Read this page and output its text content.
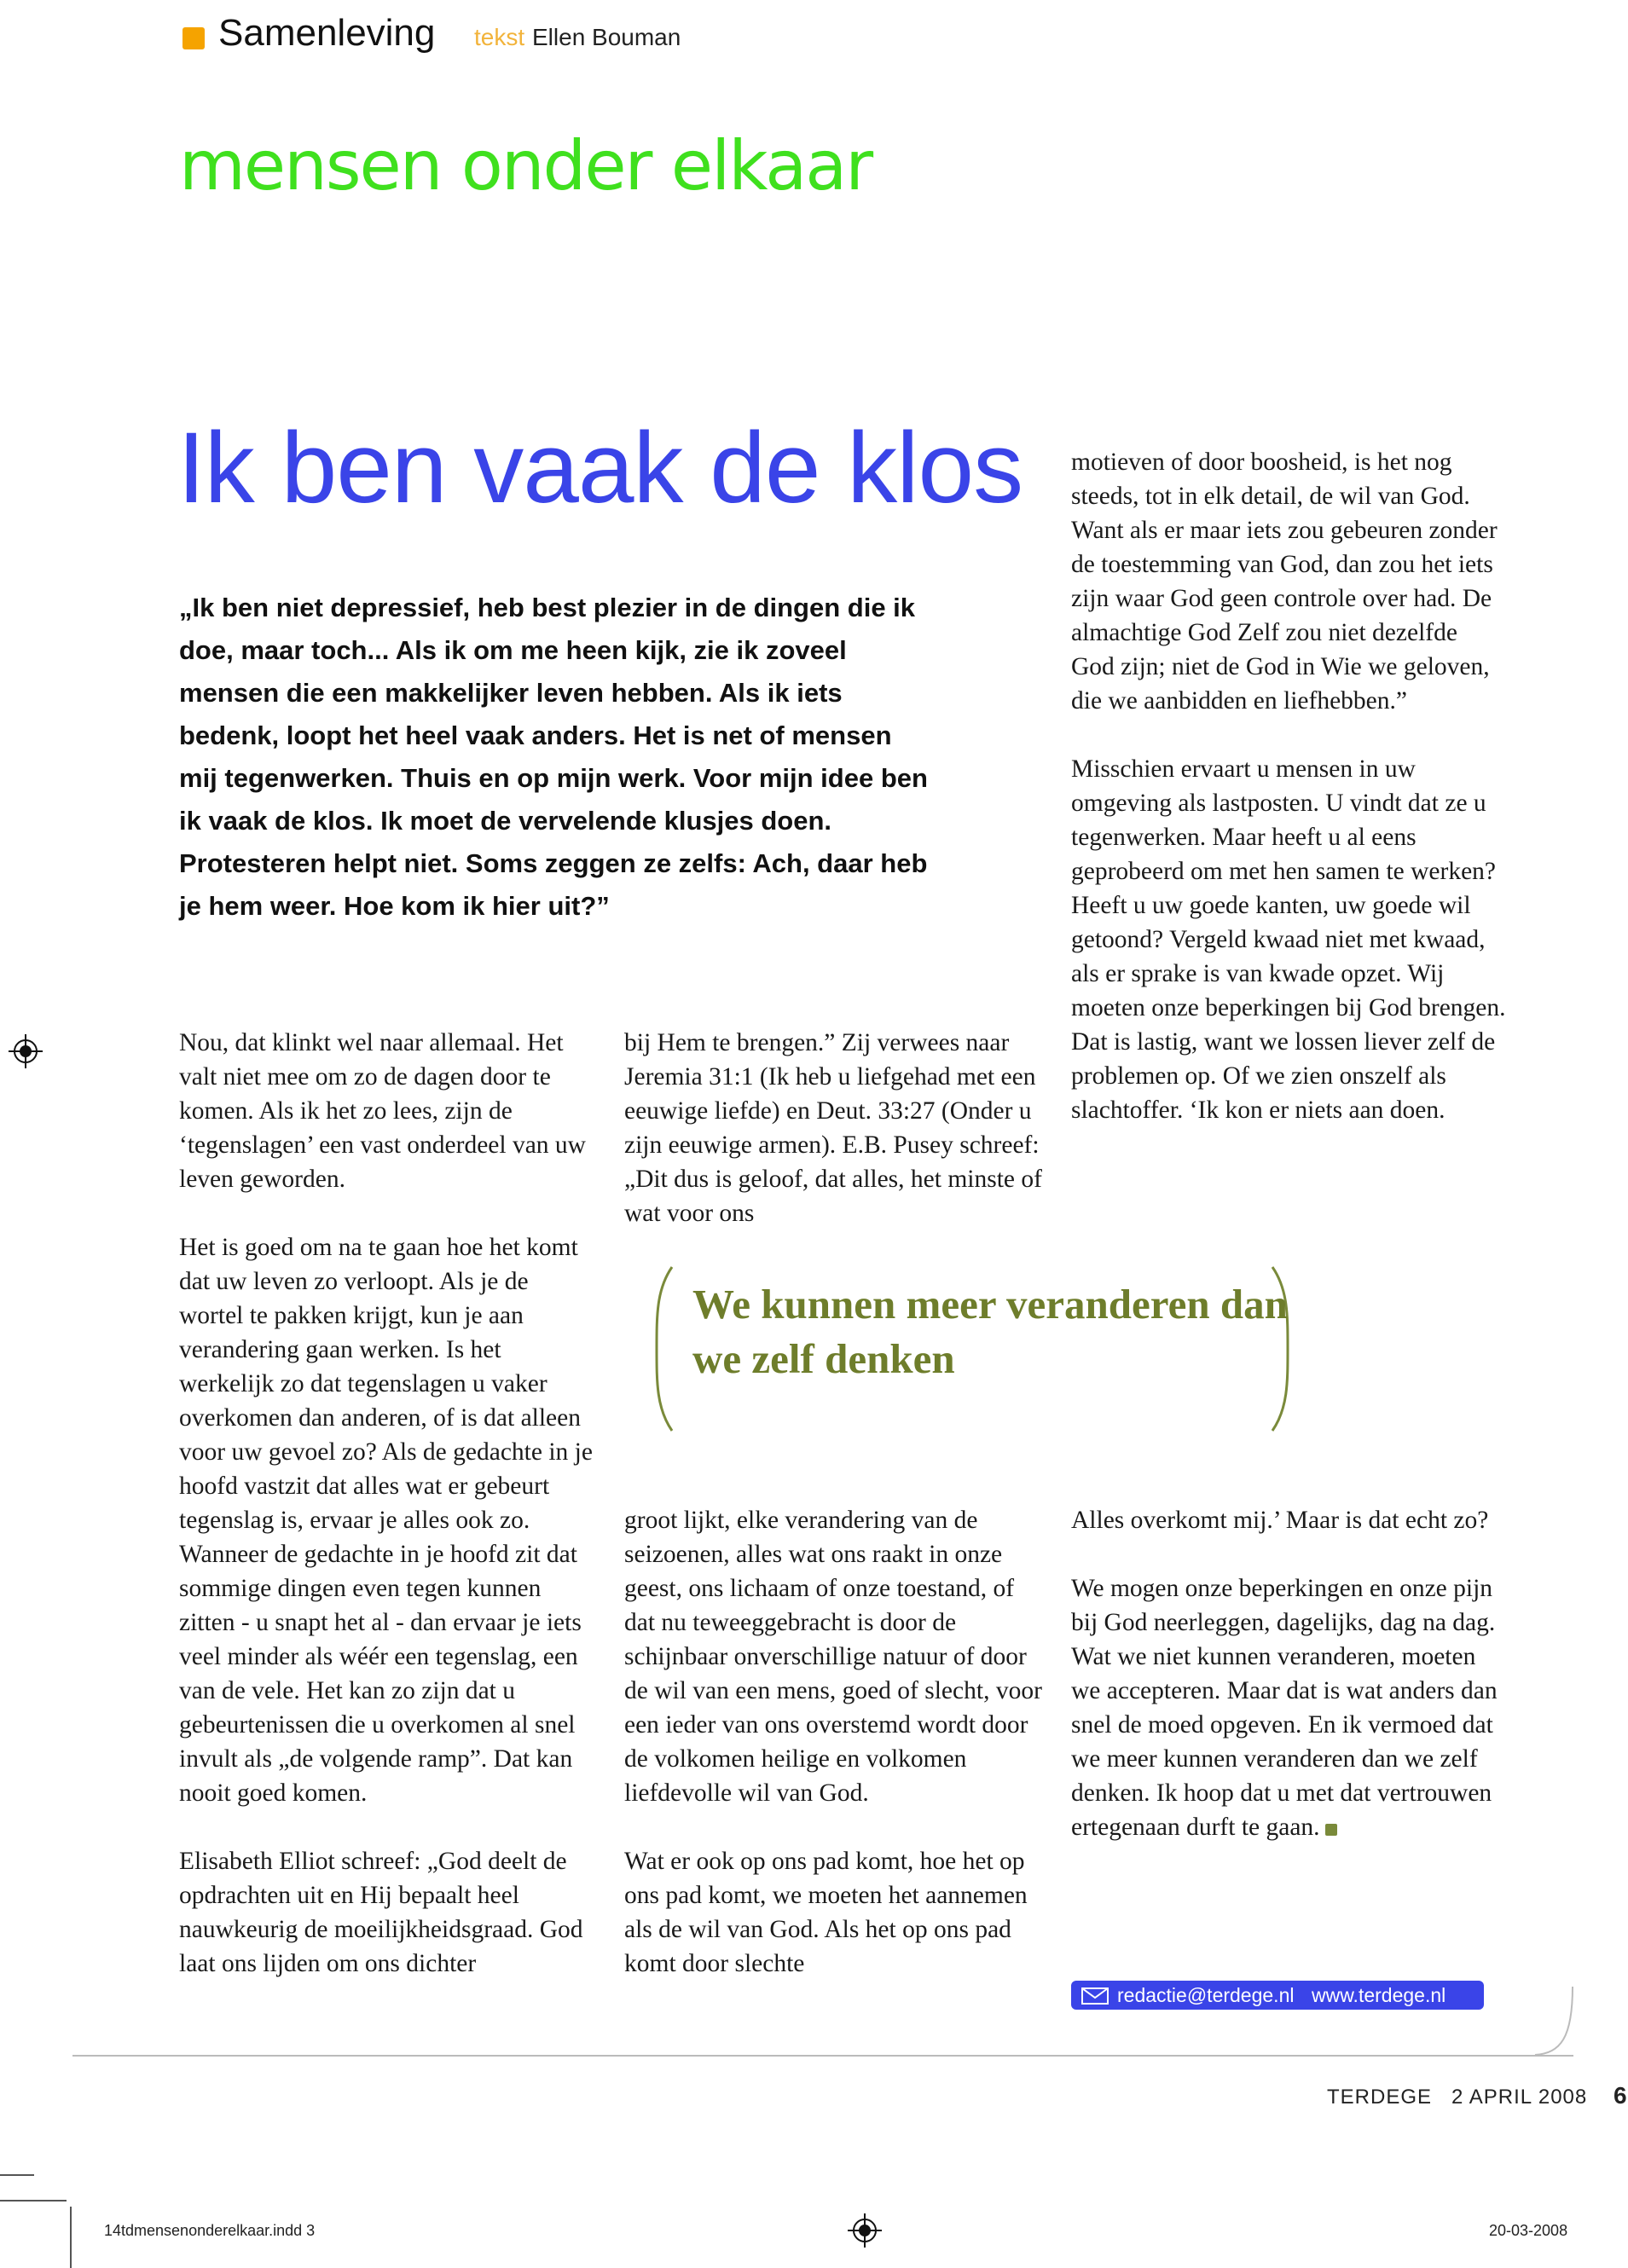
Samenleving tekst Ellen Bouman
mensen onder elkaar
Ik ben vaak de klos
„Ik ben niet depressief, heb best plezier in de dingen die ik doe, maar toch... Als ik om me heen kijk, zie ik zoveel mensen die een makkelijker leven hebben. Als ik iets bedenk, loopt het heel vaak anders. Het is net of mensen mij tegenwerken. Thuis en op mijn werk. Voor mijn idee ben ik vaak de klos. Ik moet de vervelende klusjes doen. Protesteren helpt niet. Soms zeggen ze zelfs: Ach, daar heb je hem weer. Hoe kom ik hier uit?”

Nou, dat klinkt wel naar allemaal. Het valt niet mee om zo de dagen door te komen. Als ik het zo lees, zijn de ‘tegenslagen’ een vast onderdeel van uw leven geworden.

Het is goed om na te gaan hoe het komt dat uw leven zo verloopt. Als je de wortel te pakken krijgt, kun je aan verandering gaan werken. Is het werkelijk zo dat tegenslagen u vaker overkomen dan anderen, of is dat alleen voor uw gevoel zo? Als de gedachte in je hoofd vastzit dat alles wat er gebeurt tegenslag is, ervaar je alles ook zo. Wanneer de gedachte in je hoofd zit dat sommige dingen even tegen kunnen zitten - u snapt het al - dan ervaar je iets veel minder als wéér een tegenslag, een van de vele. Het kan zo zijn dat u gebeurtenissen die u overkomen al snel invult als „de volgende ramp”. Dat kan nooit goed komen.

Elisabeth Elliot schreef: „God deelt de opdrachten uit en Hij bepaalt heel nauwkeurig de moeilijkheidsgraad. God laat ons lijden om ons dichter

bij Hem te brengen.” Zij verwees naar Jeremia 31:1 (Ik heb u liefgehad met een eeuwige liefde) en Deut. 33:27 (Onder u zijn eeuwige armen). E.B. Pusey schreef: „Dit dus is geloof, dat alles, het minste of wat voor ons

groot lijkt, elke verandering van de seizoenen, alles wat ons raakt in onze geest, ons lichaam of onze toestand, of dat nu teweeggebracht is door de schijnbaar onverschillige natuur of door de wil van een mens, goed of slecht, voor een ieder van ons overstemd wordt door de volkomen heilige en volkomen liefdevolle wil van God.

Wat er ook op ons pad komt, hoe het op ons pad komt, we moeten het aannemen als de wil van God. Als het op ons pad komt door slechte

motieven of door boosheid, is het nog steeds, tot in elk detail, de wil van God. Want als er maar iets zou gebeuren zonder de toestemming van God, dan zou het iets zijn waar God geen controle over had. De almachtige God Zelf zou niet dezelfde God zijn; niet de God in Wie we geloven, die we aanbidden en liefhebben.”

Misschien ervaart u mensen in uw omgeving als lastposten. U vindt dat ze u tegenwerken. Maar heeft u al eens geprobeerd om met hen samen te werken? Heeft u uw goede kanten, uw goede wil getoond? Vergeld kwaad niet met kwaad, als er sprake is van kwade opzet. Wij moeten onze beperkingen bij God brengen. Dat is lastig, want we lossen liever zelf de problemen op. Of we zien onszelf als slachtoffer. ‘Ik kon er niets aan doen.

Alles overkomt mij.’ Maar is dat echt zo?

We mogen onze beperkingen en onze pijn bij God neerleggen, dagelijks, dag na dag. Wat we niet kunnen veranderen, moeten we accepteren. Maar dat is wat anders dan snel de moed opgeven. En ik vermoed dat we meer kunnen veranderen dan we zelf denken. Ik hoop dat u met dat vertrouwen ertegenaan durft te gaan.

We kunnen meer veranderen dan we zelf denken
redactie@terdege.nl www.terdege.nl
TERDEGE 2 APRIL 2008 6
14tdmensenonderelkaar.indd 3	20-03-2008
